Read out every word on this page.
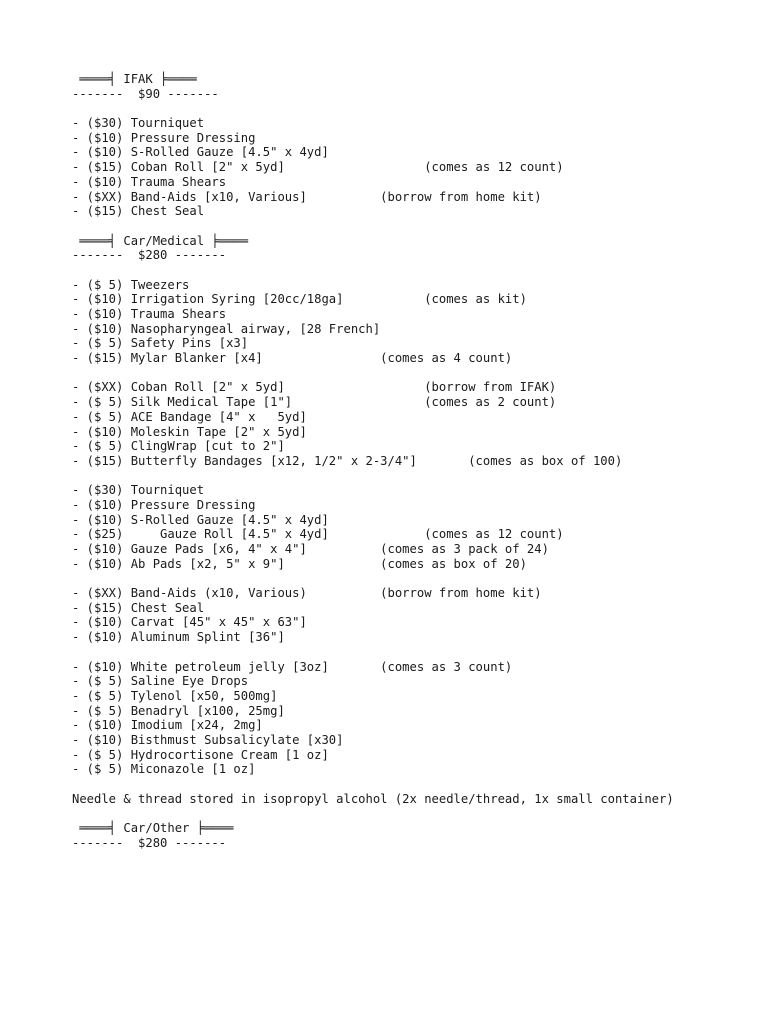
════╡ IFAK ╞════
-------  $90 -------
- ($30) Tourniquet
- ($10) Pressure Dressing
- ($10) S-Rolled Gauze [4.5" x 4yd]
- ($15) Coban Roll [2" x 5yd]                   (comes as 12 count)
- ($10) Trauma Shears
- ($XX) Band-Aids [x10, Various]          (borrow from home kit)
- ($15) Chest Seal
════╡ Car/Medical ╞════
-------  $280 -------
- ($ 5) Tweezers
- ($10) Irrigation Syring [20cc/18ga]           (comes as kit)
- ($10) Trauma Shears
- ($10) Nasopharyngeal airway, [28 French]
- ($ 5) Safety Pins [x3]
- ($15) Mylar Blanker [x4]                (comes as 4 count)
- ($XX) Coban Roll [2" x 5yd]                   (borrow from IFAK)
- ($ 5) Silk Medical Tape [1"]                  (comes as 2 count)
- ($ 5) ACE Bandage [4" x   5yd]
- ($10) Moleskin Tape [2" x 5yd]
- ($ 5) ClingWrap [cut to 2"]
- ($15) Butterfly Bandages [x12, 1/2" x 2-3/4"]       (comes as box of 100)
- ($30) Tourniquet
- ($10) Pressure Dressing
- ($10) S-Rolled Gauze [4.5" x 4yd]
- ($25)     Gauze Roll [4.5" x 4yd]             (comes as 12 count)
- ($10) Gauze Pads [x6, 4" x 4"]          (comes as 3 pack of 24)
- ($10) Ab Pads [x2, 5" x 9"]             (comes as box of 20)
- ($XX) Band-Aids (x10, Various)          (borrow from home kit)
- ($15) Chest Seal
- ($10) Carvat [45" x 45" x 63"]
- ($10) Aluminum Splint [36"]
- ($10) White petroleum jelly [3oz]       (comes as 3 count)
- ($ 5) Saline Eye Drops
- ($ 5) Tylenol [x50, 500mg]
- ($ 5) Benadryl [x100, 25mg]
- ($10) Imodium [x24, 2mg]
- ($10) Bisthmust Subsalicylate [x30]
- ($ 5) Hydrocortisone Cream [1 oz]
- ($ 5) Miconazole [1 oz]
Needle & thread stored in isopropyl alcohol (2x needle/thread, 1x small container)
════╡ Car/Other ╞════
-------  $280 -------
